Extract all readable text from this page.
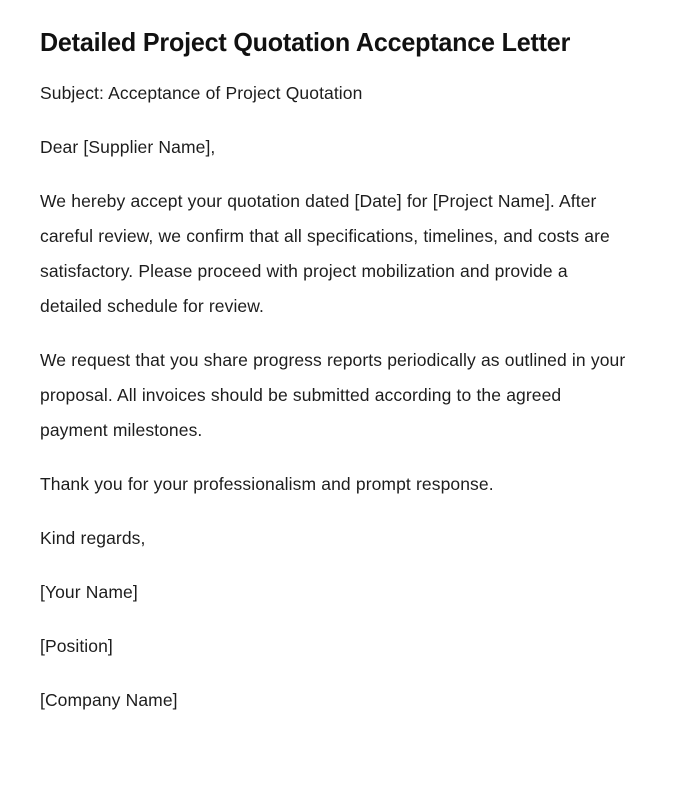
Detailed Project Quotation Acceptance Letter

Subject: Acceptance of Project Quotation

Dear [Supplier Name],

We hereby accept your quotation dated [Date] for [Project Name]. After careful review, we confirm that all specifications, timelines, and costs are satisfactory. Please proceed with project mobilization and provide a detailed schedule for review.

We request that you share progress reports periodically as outlined in your proposal. All invoices should be submitted according to the agreed payment milestones.

Thank you for your professionalism and prompt response.

Kind regards,

[Your Name]

[Position]

[Company Name]
